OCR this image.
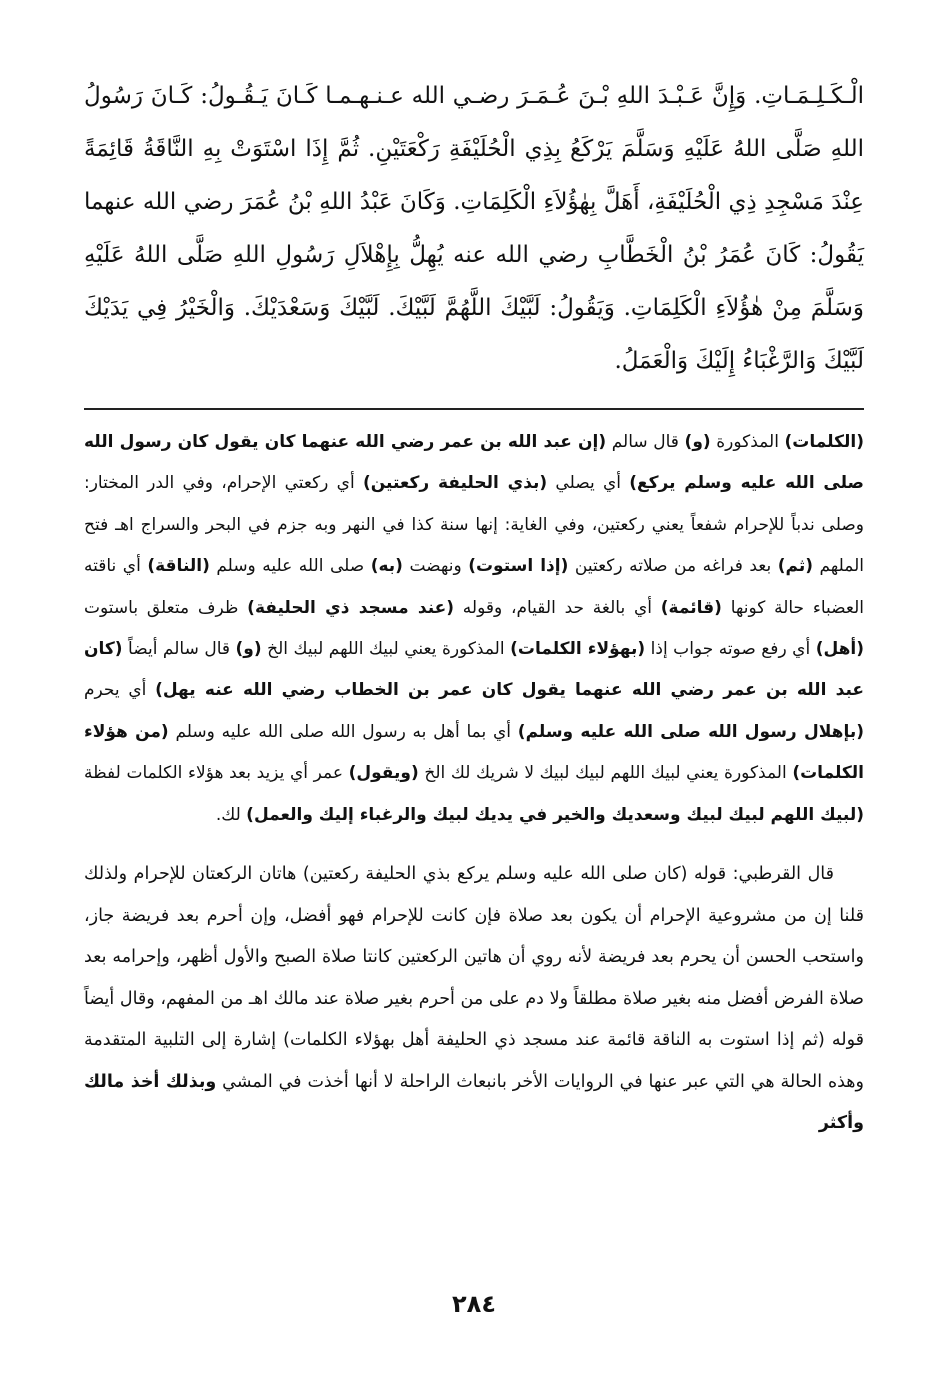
الْـكَـلِـمَـاتِ. وَإِنَّ عَـبْـدَ اللهِ بْـنَ عُـمَـرَ رضـي الله عـنـهـمـا كَـانَ يَـقُـولُ: كَـانَ رَسُولُ اللهِ صَلَّى اللهُ عَلَيْهِ وَسَلَّمَ يَرْكَعُ بِذِي الْحُلَيْفَةِ رَكْعَتَيْنِ. ثُمَّ إِذَا اسْتَوَتْ بِهِ النَّاقَةُ قَائِمَةً عِنْدَ مَسْجِدِ ذِي الْحُلَيْفَةِ، أَهَلَّ بِهٰؤُلاَءِ الْكَلِمَاتِ. وَكَانَ عَبْدُ اللهِ بْنُ عُمَرَ رضي الله عنهما يَقُولُ: كَانَ عُمَرُ بْنُ الْخَطَّابِ رضي الله عنه يُهِلُّ بِإِهْلاَلِ رَسُولِ اللهِ صَلَّى اللهُ عَلَيْهِ وَسَلَّمَ مِنْ هٰؤُلاَءِ الْكَلِمَاتِ. وَيَقُولُ: لَبَّيْكَ اللَّهُمَّ لَبَّيْكَ. لَبَّيْكَ وَسَعْدَيْكَ. وَالْخَيْرُ فِي يَدَيْكَ لَبَّيْكَ وَالرَّغْبَاءُ إِلَيْكَ وَالْعَمَلُ.

(الكلمات) المذكورة (و) قال سالم (إن عبد الله بن عمر رضي الله عنهما كان يقول كان رسول الله صلى الله عليه وسلم يركع) أي يصلي (بذي الحليفة ركعتين) أي ركعتي الإحرام، وفي الدر المختار: وصلى ندباً للإحرام شفعاً يعني ركعتين، وفي الغاية: إنها سنة كذا في النهر وبه جزم في البحر والسراج اهـ فتح الملهم (ثم) بعد فراغه من صلاته ركعتين (إذا استوت) ونهضت (به) صلى الله عليه وسلم (الناقة) أي ناقته العضباء حالة كونها (قائمة) أي بالغة حد القيام، وقوله (عند مسجد ذي الحليفة) ظرف متعلق باستوت (أهل) أي رفع صوته جواب إذا (بهؤلاء الكلمات) المذكورة يعني لبيك اللهم لبيك الخ (و) قال سالم أيضاً (كان عبد الله بن عمر رضي الله عنهما يقول كان عمر بن الخطاب رضي الله عنه يهل) أي يحرم (بإهلال رسول الله صلى الله عليه وسلم) أي بما أهل به رسول الله صلى الله عليه وسلم (من هؤلاء الكلمات) المذكورة يعني لبيك اللهم لبيك لبيك لا شريك لك الخ (ويقول) عمر أي يزيد بعد هؤلاء الكلمات لفظة (لبيك اللهم لبيك لبيك وسعديك والخير في يديك لبيك والرغباء إليك والعمل) لك.

قال القرطبي: قوله (كان صلى الله عليه وسلم يركع بذي الحليفة ركعتين) هاتان الركعتان للإحرام ولذلك قلنا إن من مشروعية الإحرام أن يكون بعد صلاة فإن كانت للإحرام فهو أفضل، وإن أحرم بعد فريضة جاز، واستحب الحسن أن يحرم بعد فريضة لأنه روي أن هاتين الركعتين كانتا صلاة الصبح والأول أظهر، وإحرامه بعد صلاة الفرض أفضل منه بغير صلاة مطلقاً ولا دم على من أحرم بغير صلاة عند مالك اهـ من المفهم، وقال أيضاً قوله (ثم إذا استوت به الناقة قائمة عند مسجد ذي الحليفة أهل بهؤلاء الكلمات) إشارة إلى التلبية المتقدمة وهذه الحالة هي التي عبر عنها في الروايات الأخر بانبعاث الراحلة لا أنها أخذت في المشي وبذلك أخذ مالك وأكثر

٢٨٤
